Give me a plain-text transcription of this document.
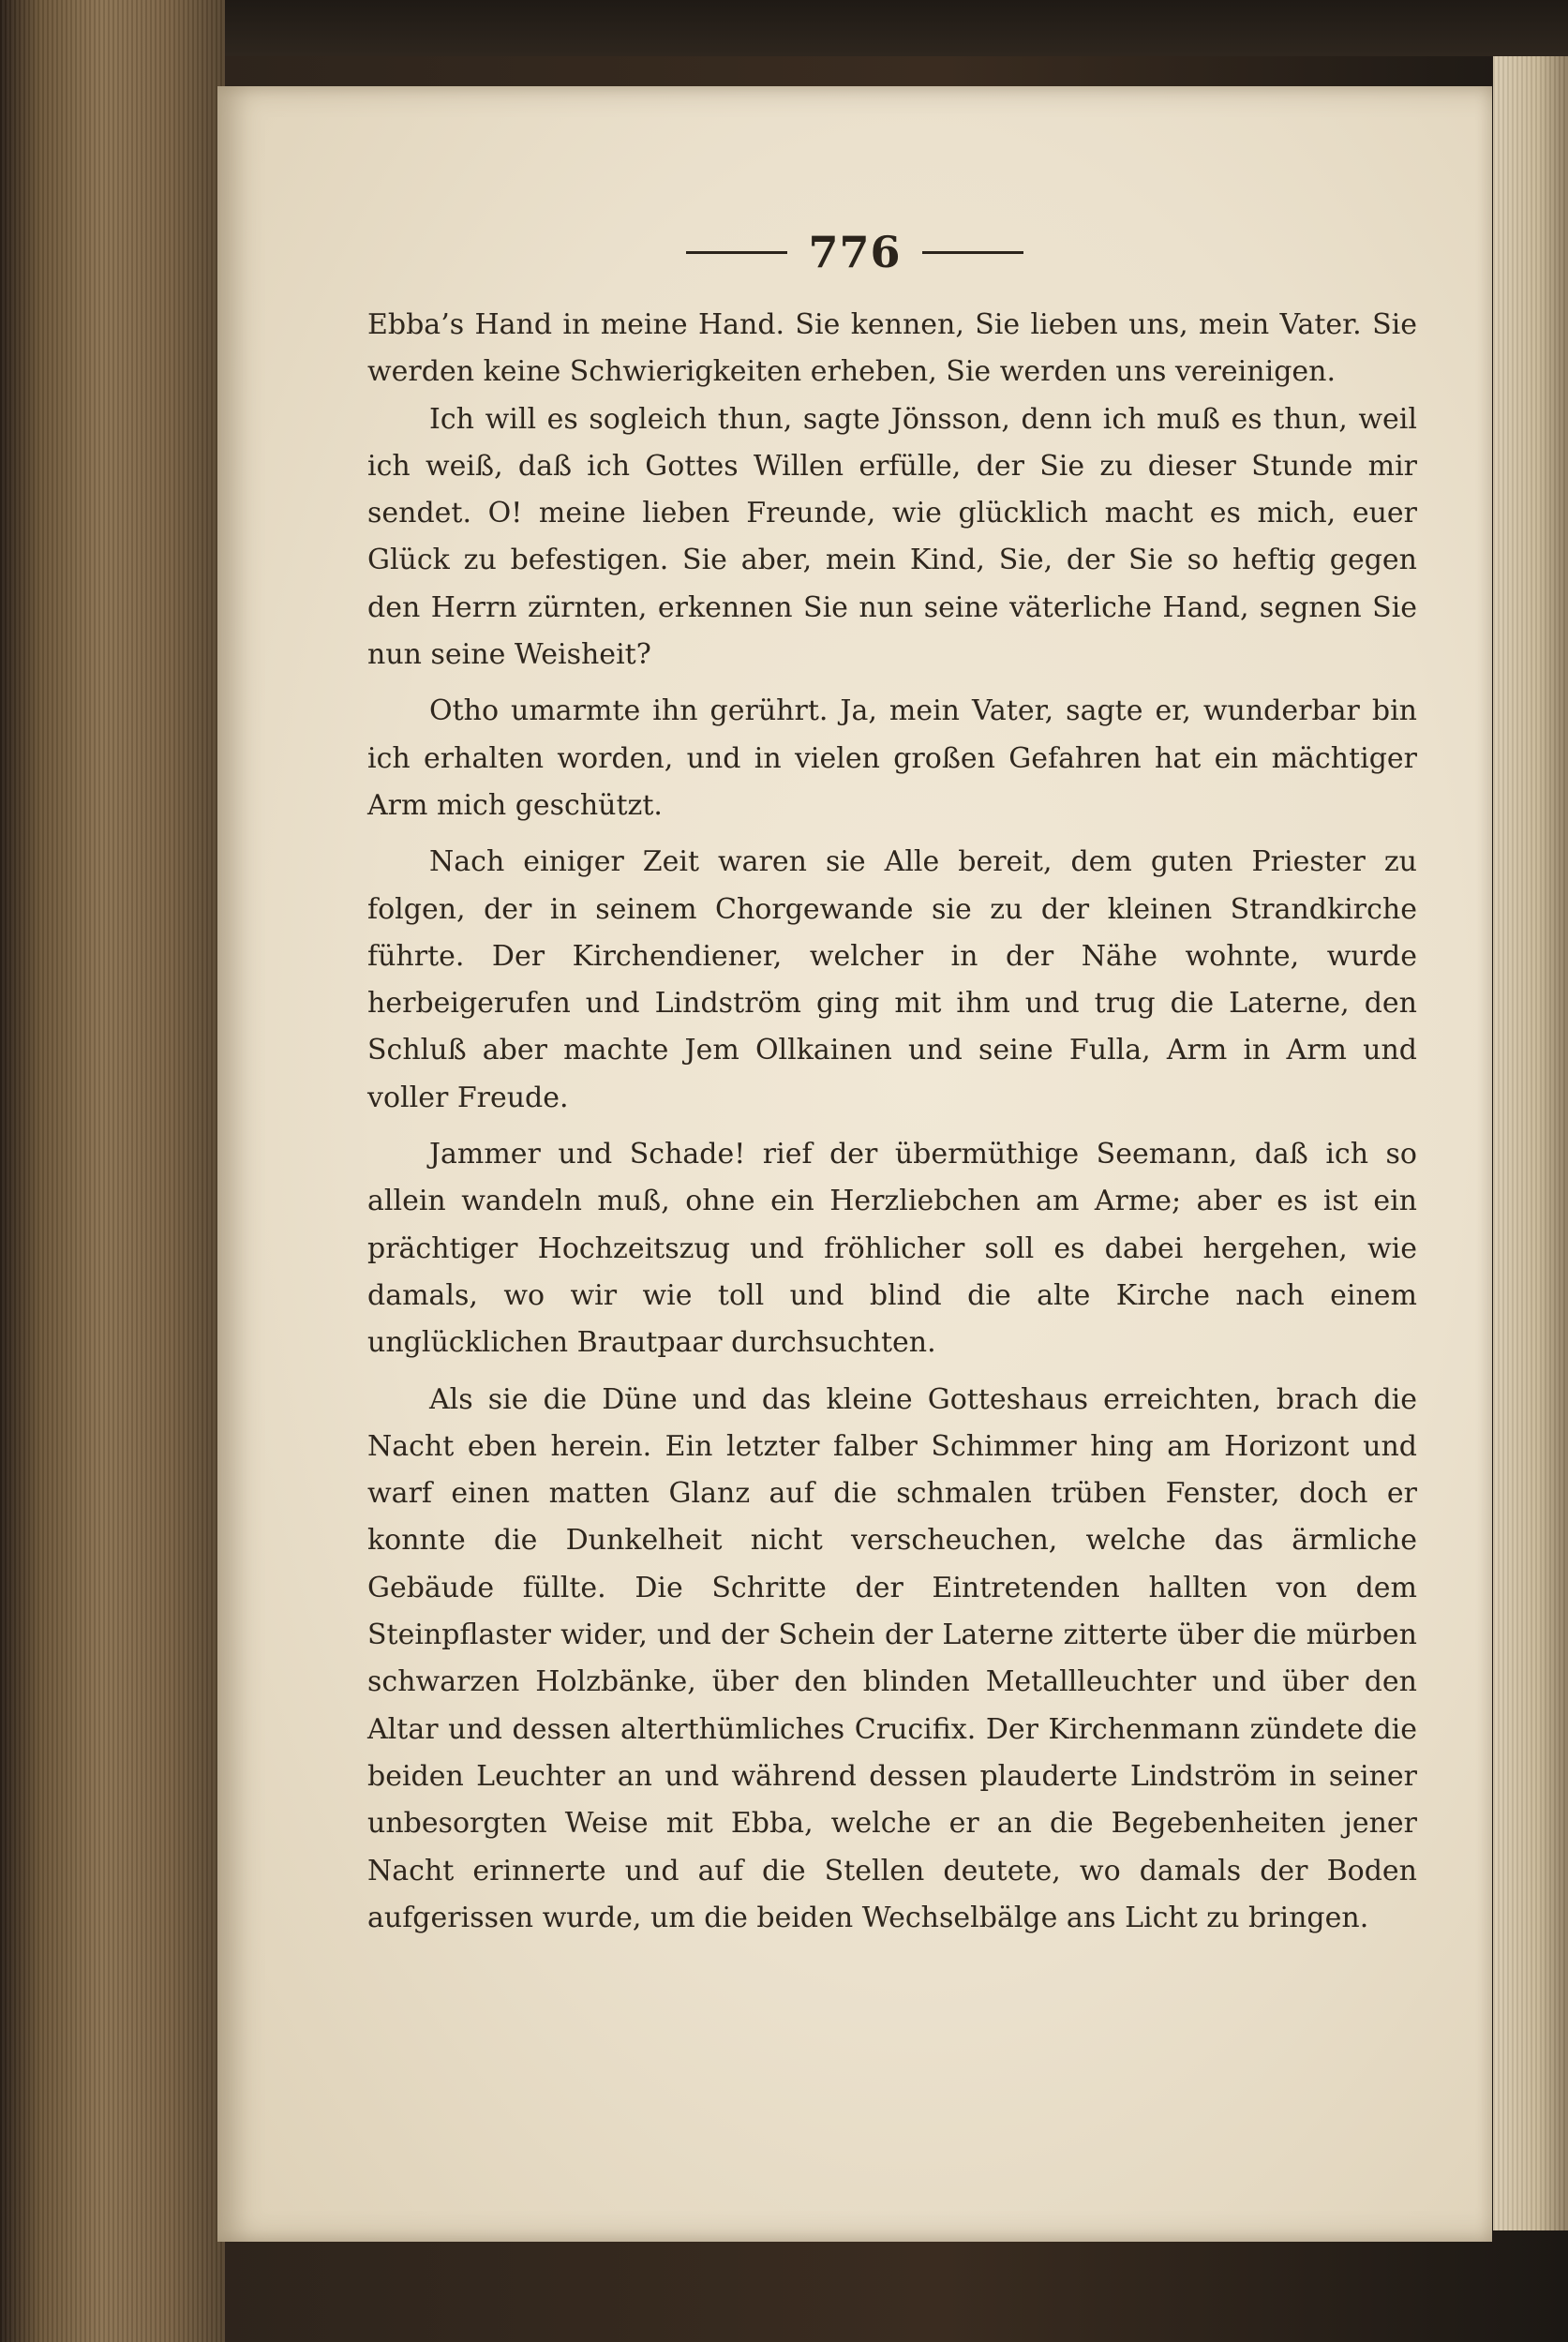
776

Ebba’s Hand in meine Hand. Sie kennen, Sie lieben uns, mein Vater. Sie werden keine Schwierigkeiten erheben, Sie werden uns vereinigen.

Ich will es sogleich thun, sagte Jönsson, denn ich muß es thun, weil ich weiß, daß ich Gottes Willen erfülle, der Sie zu dieser Stunde mir sendet. O! meine lieben Freunde, wie glücklich macht es mich, euer Glück zu befestigen. Sie aber, mein Kind, Sie, der Sie so heftig gegen den Herrn zürnten, erkennen Sie nun seine väterliche Hand, segnen Sie nun seine Weisheit?

Otho umarmte ihn gerührt. Ja, mein Vater, sagte er, wunderbar bin ich erhalten worden, und in vielen großen Gefahren hat ein mächtiger Arm mich geschützt.

Nach einiger Zeit waren sie Alle bereit, dem guten Priester zu folgen, der in seinem Chorgewande sie zu der kleinen Strandkirche führte. Der Kirchendiener, welcher in der Nähe wohnte, wurde herbeigerufen und Lindström ging mit ihm und trug die Laterne, den Schluß aber machte Jem Ollkainen und seine Fulla, Arm in Arm und voller Freude.

Jammer und Schade! rief der übermüthige Seemann, daß ich so allein wandeln muß, ohne ein Herzliebchen am Arme; aber es ist ein prächtiger Hochzeitszug und fröhlicher soll es dabei hergehen, wie damals, wo wir wie toll und blind die alte Kirche nach einem unglücklichen Brautpaar durchsuchten.

Als sie die Düne und das kleine Gotteshaus erreichten, brach die Nacht eben herein. Ein letzter falber Schimmer hing am Horizont und warf einen matten Glanz auf die schmalen trüben Fenster, doch er konnte die Dunkelheit nicht verscheuchen, welche das ärmliche Gebäude füllte. Die Schritte der Eintretenden hallten von dem Steinpflaster wider, und der Schein der Laterne zitterte über die mürben schwarzen Holzbänke, über den blinden Metallleuchter und über den Altar und dessen alterthümliches Crucifix. Der Kirchenmann zündete die beiden Leuchter an und während dessen plauderte Lindström in seiner unbesorgten Weise mit Ebba, welche er an die Begebenheiten jener Nacht erinnerte und auf die Stellen deutete, wo damals der Boden aufgerissen wurde, um die beiden Wechselbälge ans Licht zu bringen.
